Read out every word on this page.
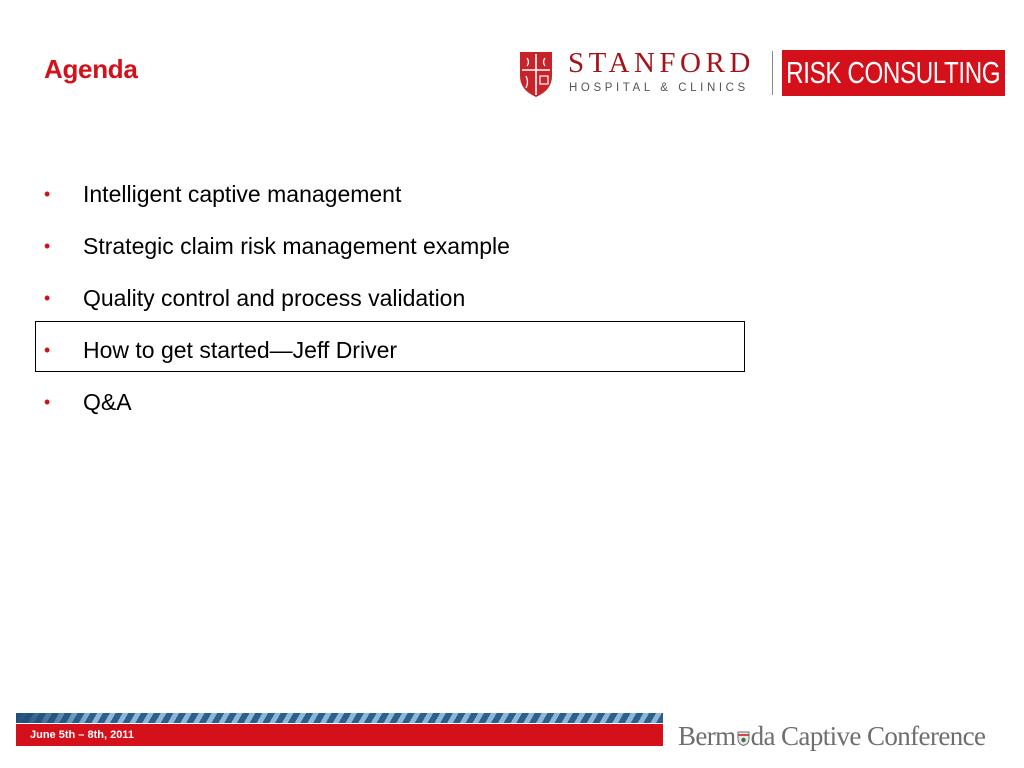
Agenda	STANFORD
HOSPITAL & CLINICS RISK CONSULTING
• Intelligent captive management
• Strategic claim risk management example
• Quality control and process validation
• How to get started—Jeff Driver
• Q&A
June 5th – 8th, 2011	Berm da Captive Conference
